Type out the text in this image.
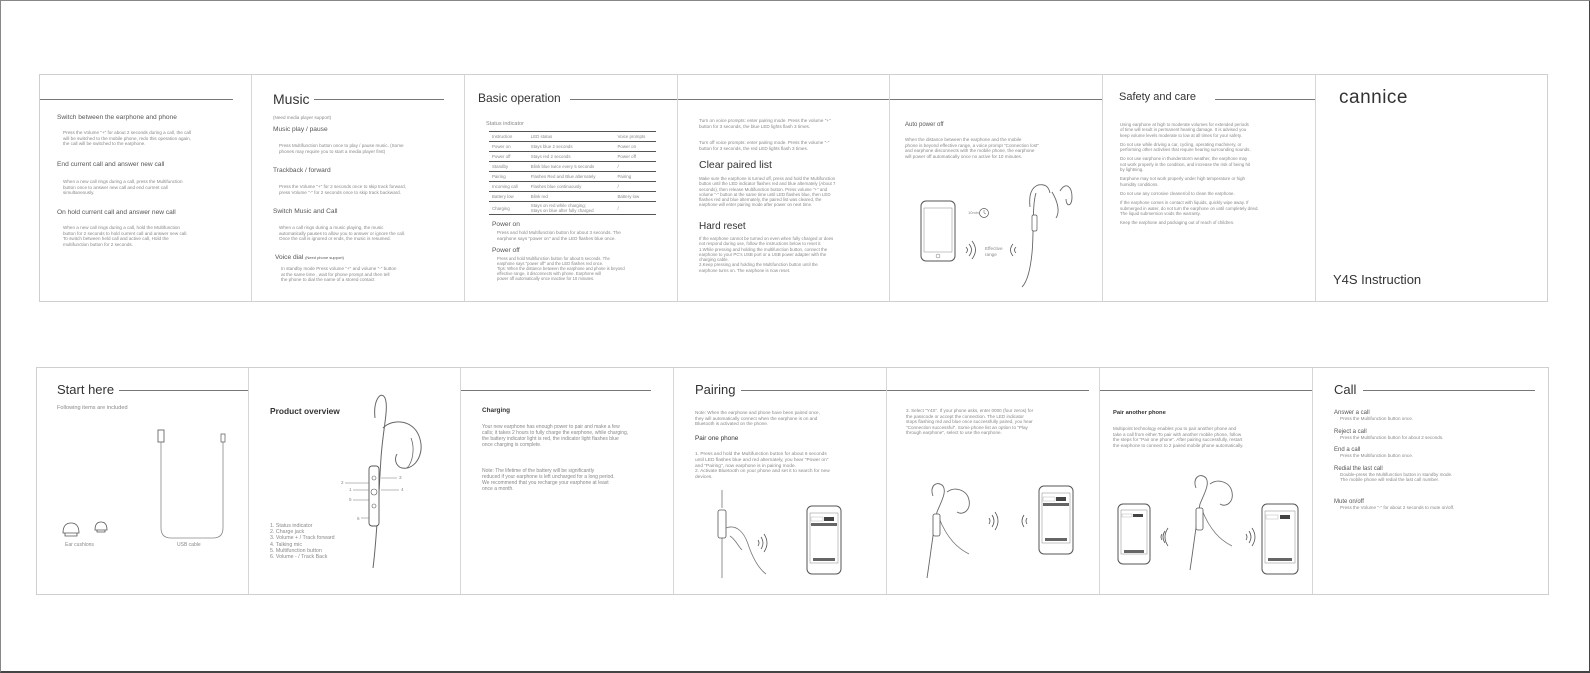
Switch between the earphone and phone
Press the Volume "+" for about 2 seconds during a call, the call
will be switched to the mobile phone, redo this operation again,
the call will be switched to the earphone.
End current call and answer new call
When a new call rings during a call, press the Multifunction
button once to answer new call and end current call
simultaneously.
On hold current call and answer new call
When a new call rings during a call, hold the Multifunction
button for 2 seconds to hold current call and answer new call.
To switch between held call and active call, Hold the
multifunction button for 2 seconds.
Music
(Need media player support)
Music play / pause
Press Multifunction button once to play / pause music. (Some
phones may require you to start a media player first)
Trackback / forward
Press the Volume "+" for 2 seconds once to skip track forward,
press Volume "-" for 2 seconds once to skip track backward.
Switch Music and Call
When a call rings during a music playing, the music
automatically pauses to allow you to answer or ignore the call.
Once the call is ignored or ends, the music is resumed.
Voice dial (Need phone support)
In standby mode Press volume "+" and volume "-" button
at the same time , wait for phone prompt and then tell
the phone to dial the name of a stored contact
Basic operation
Status indicator
Instruction	LED status	Voice prompts
Power on	Stays blue 2 seconds	Power on
Power off	Stays red 2 seconds	Power off
Standby	Blink blue twice every 5 seconds	/
Pairing	Flashes Red and Blue alternately	Pairing
Incoming call	Flashes blue continuously	/
Battery low	Blink red	Battery low
Charging	Stays on red while charging;
Stays on blue after fully charged	/
Power on
Press and hold Multifunction button for about 3 seconds. The
earphone says "power on" and the LED flashes blue once.
Power off
Press and hold Multifunction button for about 5 seconds. The
earphone says "power off" and the LED flashes red once.
Tips: When the distance between the earphone and phone is beyond
effective range, it disconnects with phone. Earphone will
power off automatically once inactive for 10 minutes.
Turn on voice prompts: enter pairing mode. Press the volume "+"
button for 3 seconds, the blue LED lights flash 3 times.
Turn off voice prompts: enter pairing mode. Press the volume "-"
button for 3 seconds, the red LED lights flash 3 times.
Clear paired list
Make sure the earphone is turned off, press and hold the Multifunction
button until the LED indicator flashes red and blue alternately (About 7
seconds), then release Multifunction button. Press volume "+" and
volume "-" button at the same time until LED flashes blue, then LED
flashes red and blue alternately, the paired list was cleared, the
earphone will enter pairing mode after power on next time.
Hard reset
If the earphone cannot be turned on even when fully charged or does
not respond during use, follow the instructions below to reset it.
1.While pressing and holding the multifunction button, connect the
earphone to your PC's USB port or a USB power adapter with the
charging cable.
2.Keep pressing and holding the Multifunction button until the
earphone turns on. The earphone is now reset.
Auto power off
When the distance between the earphone and the mobile
phone is beyond effective range, a voice prompt "Connection lost"
and earphone disconnects with the mobile phone, the earphone
will power off automatically once no active for 10 minutes.
10min
Effective
range
Safety and care
Using earphone at high to moderate volumes for extended periods
of time will result in permanent hearing damage. It is advised you
keep volume levels moderate to low at all times for your safety.
Do not use while driving a car, cycling, operating machinery, or
performing other activities that require hearing surrounding sounds.
Do not use earphone in thunderstorm weather, the earphone may
not work properly in the condition, and increase the risk of being hit
by lightning.
Earphone may not work properly under high temperature or high
humidity conditions.
Do not use any corrosive cleaner/oil to clean the earphone.
If the earphone comes in contact with liquids, quickly wipe away. If
submerged in water, do not turn the earphone on until completely dried.
The liquid submersion voids the warranty.
Keep the earphone and packaging out of reach of children.
cannice
Y4S Instruction
Start here
Following items are included
Ear cushions	USB cable
Product overview
2
3
1	4
5
6
1. Status indicator
2. Charge jack
3. Volume + / Track forward
4. Talking mic
5. Multifunction button
6. Volume - / Track Back
Charging
Your new earphone has enough power to pair and make a few
calls; it takes 2 hours to fully charge the earphone, while charging,
the battery indicator light is red, the indicator light flashes blue
once charging is complete.
Note: The lifetime of the battery will be significantly
reduced if your earphone is left uncharged for a long period.
We recommend that you recharge your earphone at least
once a month.
Pairing
Note: When the earphone and phone have been paired once,
they will automatically connect when the earphone is on and
Bluetooth is activated on the phone.
Pair one phone
1. Press and hold the Multifunction button for about 6 seconds
until LED flashes blue and red alternately, you hear "Power on"
and "Pairing", now earphone is in pairing mode.
2. Activate Bluetooth on your phone and set it to search for new
devices.
3. Select "Y4S". If your phone asks, enter 0000 (four zeros) for
the passcode or accept the connection. The LED indicator
stops flashing red and blue once successfully paired, you hear
"Connection successful". Some phone list an option to "Play
through earphone", select to use the earphone.
Pair another phone
Multipoint technology enables you to pair another phone and
take a call from either.To pair with another mobile phone, follow
the steps for "Pair one phone". After pairing successfully, restart
the earphone to connect to 2 paired mobile phone automatically.
Call
Answer a call
Press the Multifunction button once.
Reject a call
Press the Multifunction button for about 2 seconds.
End a call
Press the Multifunction button once.
Redial the last call
Double-press the Multifunction button in standby mode.
The mobile phone will redial the last call number.
Mute on/off
Press the Volume "-" for about 2 seconds to mute on/off.
